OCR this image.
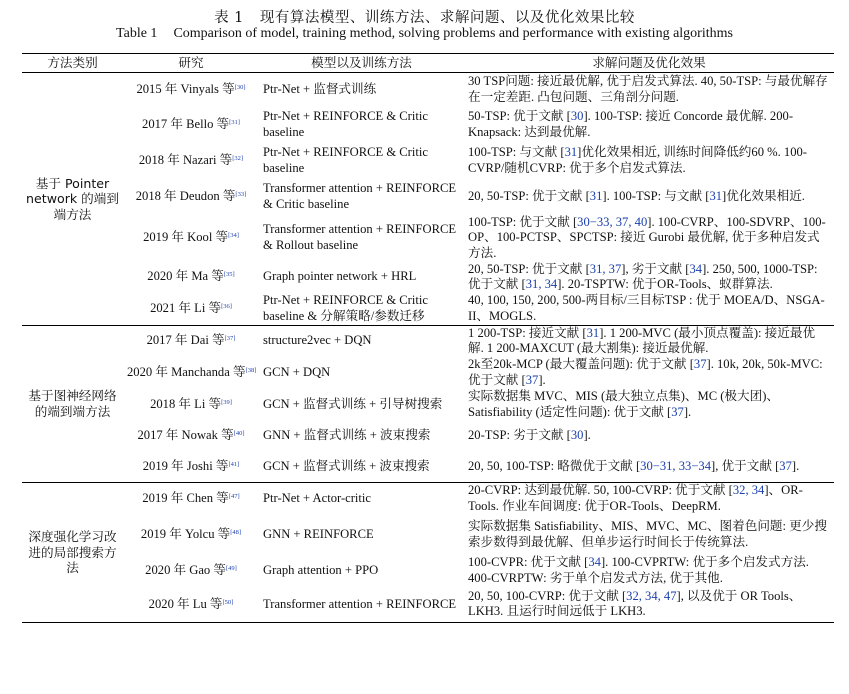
表 1 现有算法模型、训练方法、求解问题、以及优化效果比较
Table 1 Comparison of model, training method, solving problems and performance with existing algorithms
方法类别	研究	模型以及训练方法	求解问题及优化效果
基于 Pointer network 的端到端方法	2015 年 Vinyals 等[30]	Ptr-Net + 监督式训练	30 TSP问题: 接近最优解, 优于启发式算法. 40, 50-TSP: 与最优解存在一定差距. 凸包问题、三角剖分问题.
	2017 年 Bello 等[31]	Ptr-Net + REINFORCE & Critic baseline	50-TSP: 优于文献 [30]. 100-TSP: 接近 Concorde 最优解. 200-Knapsack: 达到最优解.
	2018 年 Nazari 等[32]	Ptr-Net + REINFORCE & Critic baseline	100-TSP: 与文献 [31]优化效果相近, 训练时间降低约60 %. 100-CVRP/随机CVRP: 优于多个启发式算法.
	2018 年 Deudon 等[33]	Transformer attention + REINFORCE & Critic baseline	20, 50-TSP: 优于文献 [31]. 100-TSP: 与文献 [31]优化效果相近.
	2019 年 Kool 等[34]	Transformer attention + REINFORCE & Rollout baseline	100-TSP: 优于文献 [30−33, 37, 40]. 100-CVRP、100-SDVRP、100-OP、100-PCTSP、SPCTSP: 接近 Gurobi 最优解, 优于多种启发式方法.
	2020 年 Ma 等[35]	Graph pointer network + HRL	20, 50-TSP: 优于文献 [31, 37], 劣于文献 [34]. 250, 500, 1000-TSP: 优于文献 [31, 34]. 20-TSPTW: 优于OR-Tools、蚁群算法.
	2021 年 Li 等[36]	Ptr-Net + REINFORCE & Critic baseline & 分解策略/参数迁移	40, 100, 150, 200, 500-两目标/三目标TSP : 优于 MOEA/D、NSGA-II、MOGLS.
基于图神经网络的端到端方法	2017 年 Dai 等[37]	structure2vec + DQN	1 200-TSP: 接近文献 [31]. 1 200-MVC (最小顶点覆盖): 接近最优解. 1 200-MAXCUT (最大割集): 接近最优解.
	2020 年 Manchanda 等[38]	GCN + DQN	2k至20k-MCP (最大覆盖问题): 优于文献 [37]. 10k, 20k, 50k-MVC: 优于文献 [37].
	2018 年 Li 等[39]	GCN + 监督式训练 + 引导树搜索	实际数据集 MVC、MIS (最大独立点集)、MC (极大团)、Satisfiability (适定性问题): 优于文献 [37].
	2017 年 Nowak 等[40]	GNN + 监督式训练 + 波束搜索	20-TSP: 劣于文献 [30].
	2019 年 Joshi 等[41]	GCN + 监督式训练 + 波束搜索	20, 50, 100-TSP: 略微优于文献 [30−31, 33−34], 优于文献 [37].
深度强化学习改进的局部搜索方法	2019 年 Chen 等[47]	Ptr-Net + Actor-critic	20-CVRP: 达到最优解. 50, 100-CVRP: 优于文献 [32, 34]、OR-Tools. 作业车间调度: 优于OR-Tools、DeepRM.
	2019 年 Yolcu 等[48]	GNN + REINFORCE	实际数据集 Satisfiability、MIS、MVC、MC、图着色问题: 更少搜索步数得到最优解、但单步运行时间长于传统算法.
	2020 年 Gao 等[49]	Graph attention + PPO	100-CVPR: 优于文献 [34]. 100-CVPRTW: 优于多个启发式方法. 400-CVRPTW: 劣于单个启发式方法, 优于其他.
	2020 年 Lu 等[50]	Transformer attention + REINFORCE	20, 50, 100-CVRP: 优于文献 [32, 34, 47], 以及优于 OR Tools、LKH3. 且运行时间远低于 LKH3.
